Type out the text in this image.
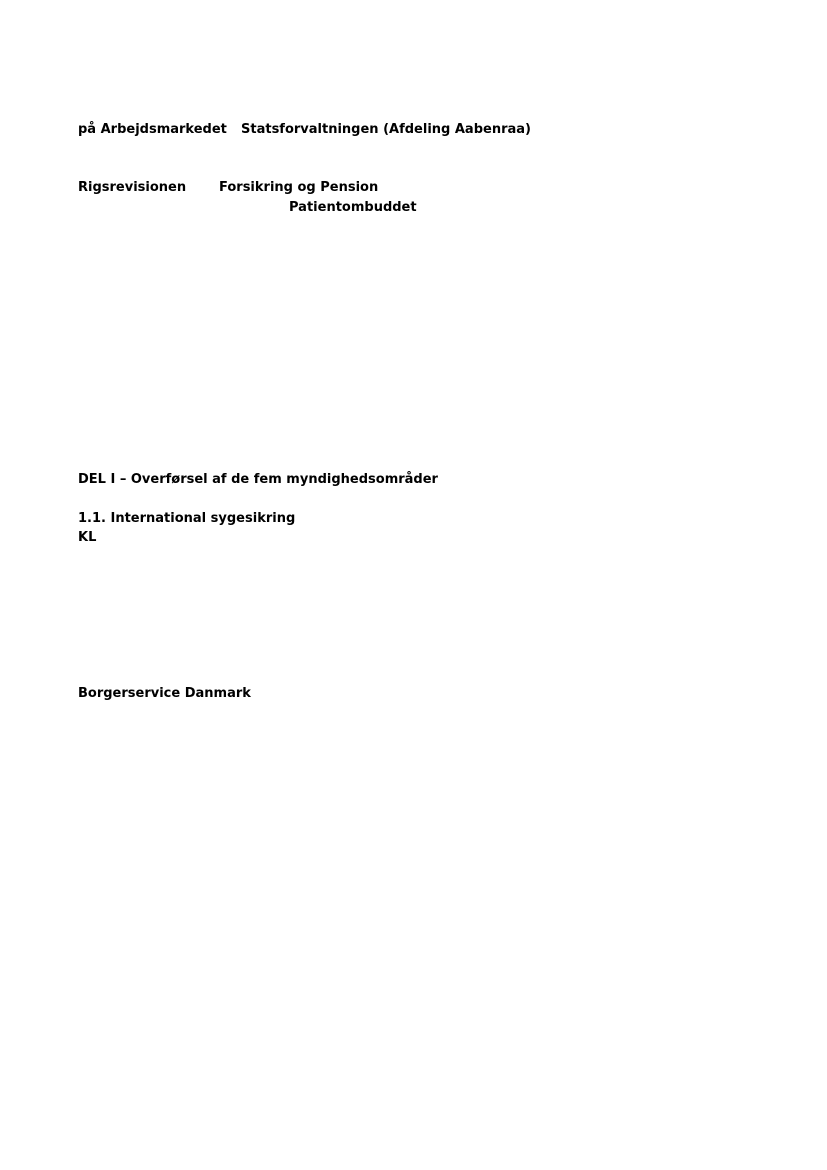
på Arbejdsmarkedet Statsforvaltningen (Afdeling Aabenraa)

Rigsrevisionen	Forsikring og Pension

Patientombuddet

DEL I – Overførsel af de fem myndighedsområder

1.1. International sygesikring

KL

Borgerservice Danmark
